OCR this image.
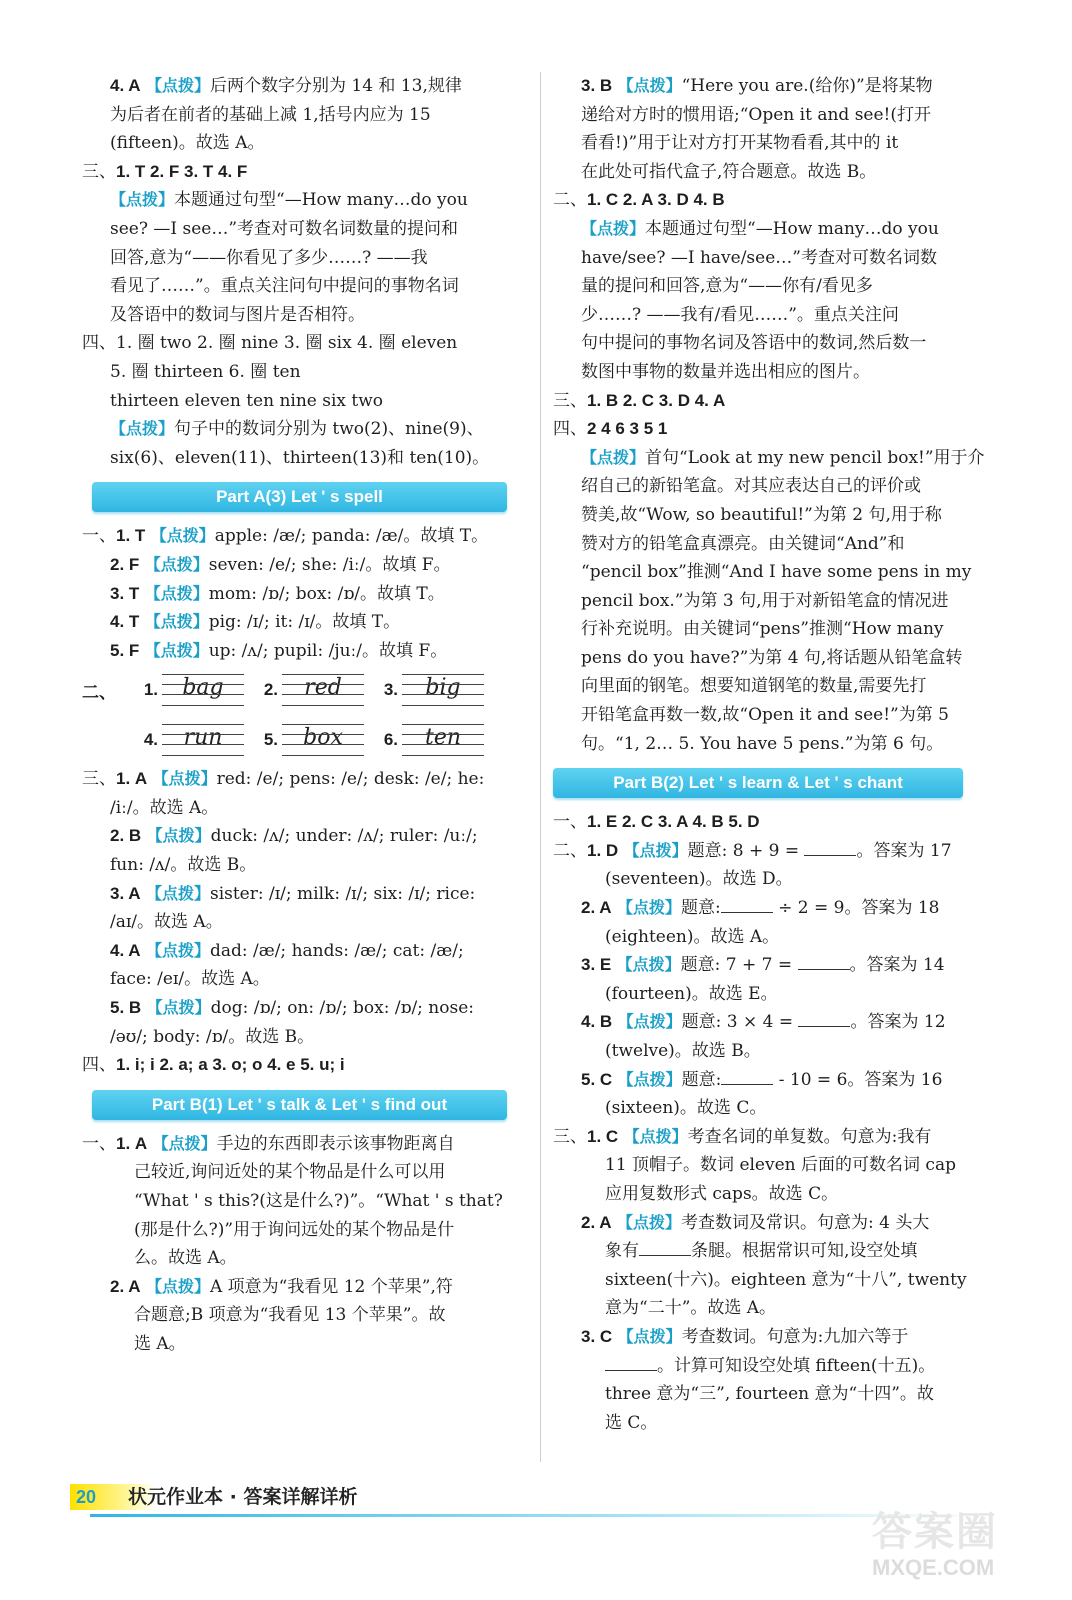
4. A 【点拨】后两个数字分别为 14 和 13,规律

为后者在前者的基础上减 1,括号内应为 15

(fifteen)。故选 A。

三、1. T 2. F 3. T 4. F

【点拨】本题通过句型“—How many…do you

see? —I see…”考查对可数名词数量的提问和

回答,意为“——你看见了多少……? ——我

看见了……”。重点关注问句中提问的事物名词

及答语中的数词与图片是否相符。

四、1. 圈 two 2. 圈 nine 3. 圈 six 4. 圈 eleven

5. 圈 thirteen 6. 圈 ten

thirteen eleven ten nine six two

【点拨】句子中的数词分别为 two(2)、nine(9)、

six(6)、eleven(11)、thirteen(13)和 ten(10)。

Part A(3) Let ' s spell

一、1. T 【点拨】apple: /æ/; panda: /æ/。故填 T。

2. F 【点拨】seven: /e/; she: /iː/。故填 F。

3. T 【点拨】mom: /ɒ/; box: /ɒ/。故填 T。

4. T 【点拨】pig: /ɪ/; it: /ɪ/。故填 T。

5. F 【点拨】up: /ʌ/; pupil: /juː/。故填 F。

二、	1.	bag	2.	red	3.	big
4.	run	5.	box	6.	ten

三、1. A 【点拨】red: /e/; pens: /e/; desk: /e/; he:

/iː/。故选 A。

2. B 【点拨】duck: /ʌ/; under: /ʌ/; ruler: /uː/;

fun: /ʌ/。故选 B。

3. A 【点拨】sister: /ɪ/; milk: /ɪ/; six: /ɪ/; rice:

/aɪ/。故选 A。

4. A 【点拨】dad: /æ/; hands: /æ/; cat: /æ/;

face: /eɪ/。故选 A。

5. B 【点拨】dog: /ɒ/; on: /ɒ/; box: /ɒ/; nose:

/əʊ/; body: /ɒ/。故选 B。

四、1. i; i 2. a; a 3. o; o 4. e 5. u; i

Part B(1) Let ' s talk & Let ' s find out

一、1. A 【点拨】手边的东西即表示该事物距离自

己较近,询问近处的某个物品是什么可以用

“What ' s this?(这是什么?)”。“What ' s that?

(那是什么?)”用于询问远处的某个物品是什

么。故选 A。

2. A 【点拨】A 项意为“我看见 12 个苹果”,符

合题意;B 项意为“我看见 13 个苹果”。故

选 A。

3. B 【点拨】“Here you are.(给你)”是将某物

递给对方时的惯用语;“Open it and see!(打开

看看!)”用于让对方打开某物看看,其中的 it

在此处可指代盒子,符合题意。故选 B。

二、1. C 2. A 3. D 4. B

【点拨】本题通过句型“—How many…do you

have/see? —I have/see…”考查对可数名词数

量的提问和回答,意为“——你有/看见多

少……? ——我有/看见……”。重点关注问

句中提问的事物名词及答语中的数词,然后数一

数图中事物的数量并选出相应的图片。

三、1. B 2. C 3. D 4. A

四、2 4 6 3 5 1

【点拨】首句“Look at my new pencil box!”用于介

绍自己的新铅笔盒。对其应表达自己的评价或

赞美,故“Wow, so beautiful!”为第 2 句,用于称

赞对方的铅笔盒真漂亮。由关键词“And”和

“pencil box”推测“And I have some pens in my

pencil box.”为第 3 句,用于对新铅笔盒的情况进

行补充说明。由关键词“pens”推测“How many

pens do you have?”为第 4 句,将话题从铅笔盒转

向里面的钢笔。想要知道钢笔的数量,需要先打

开铅笔盒再数一数,故“Open it and see!”为第 5

句。“1, 2… 5. You have 5 pens.”为第 6 句。

Part B(2) Let ' s learn & Let ' s chant

一、1. E 2. C 3. A 4. B 5. D

二、1. D 【点拨】题意: 8 + 9 =	。答案为 17

(seventeen)。故选 D。

2. A 【点拨】题意:	÷ 2 = 9。答案为 18

(eighteen)。故选 A。

3. E 【点拨】题意: 7 + 7 =	。答案为 14

(fourteen)。故选 E。

4. B 【点拨】题意: 3 × 4 =	。答案为 12

(twelve)。故选 B。

5. C 【点拨】题意:	- 10 = 6。答案为 16

(sixteen)。故选 C。

三、1. C 【点拨】考查名词的单复数。句意为:我有

11 顶帽子。数词 eleven 后面的可数名词 cap

应用复数形式 caps。故选 C。

2. A 【点拨】考查数词及常识。句意为: 4 头大

象有	条腿。根据常识可知,设空处填

sixteen(十六)。eighteen 意为“十八”, twenty

意为“二十”。故选 A。

3. C 【点拨】考查数词。句意为:九加六等于

。计算可知设空处填 fifteen(十五)。

three 意为“三”, fourteen 意为“十四”。故

选 C。

20	状元作业本 · 答案详解详析
答案圈
MXQE.COM
